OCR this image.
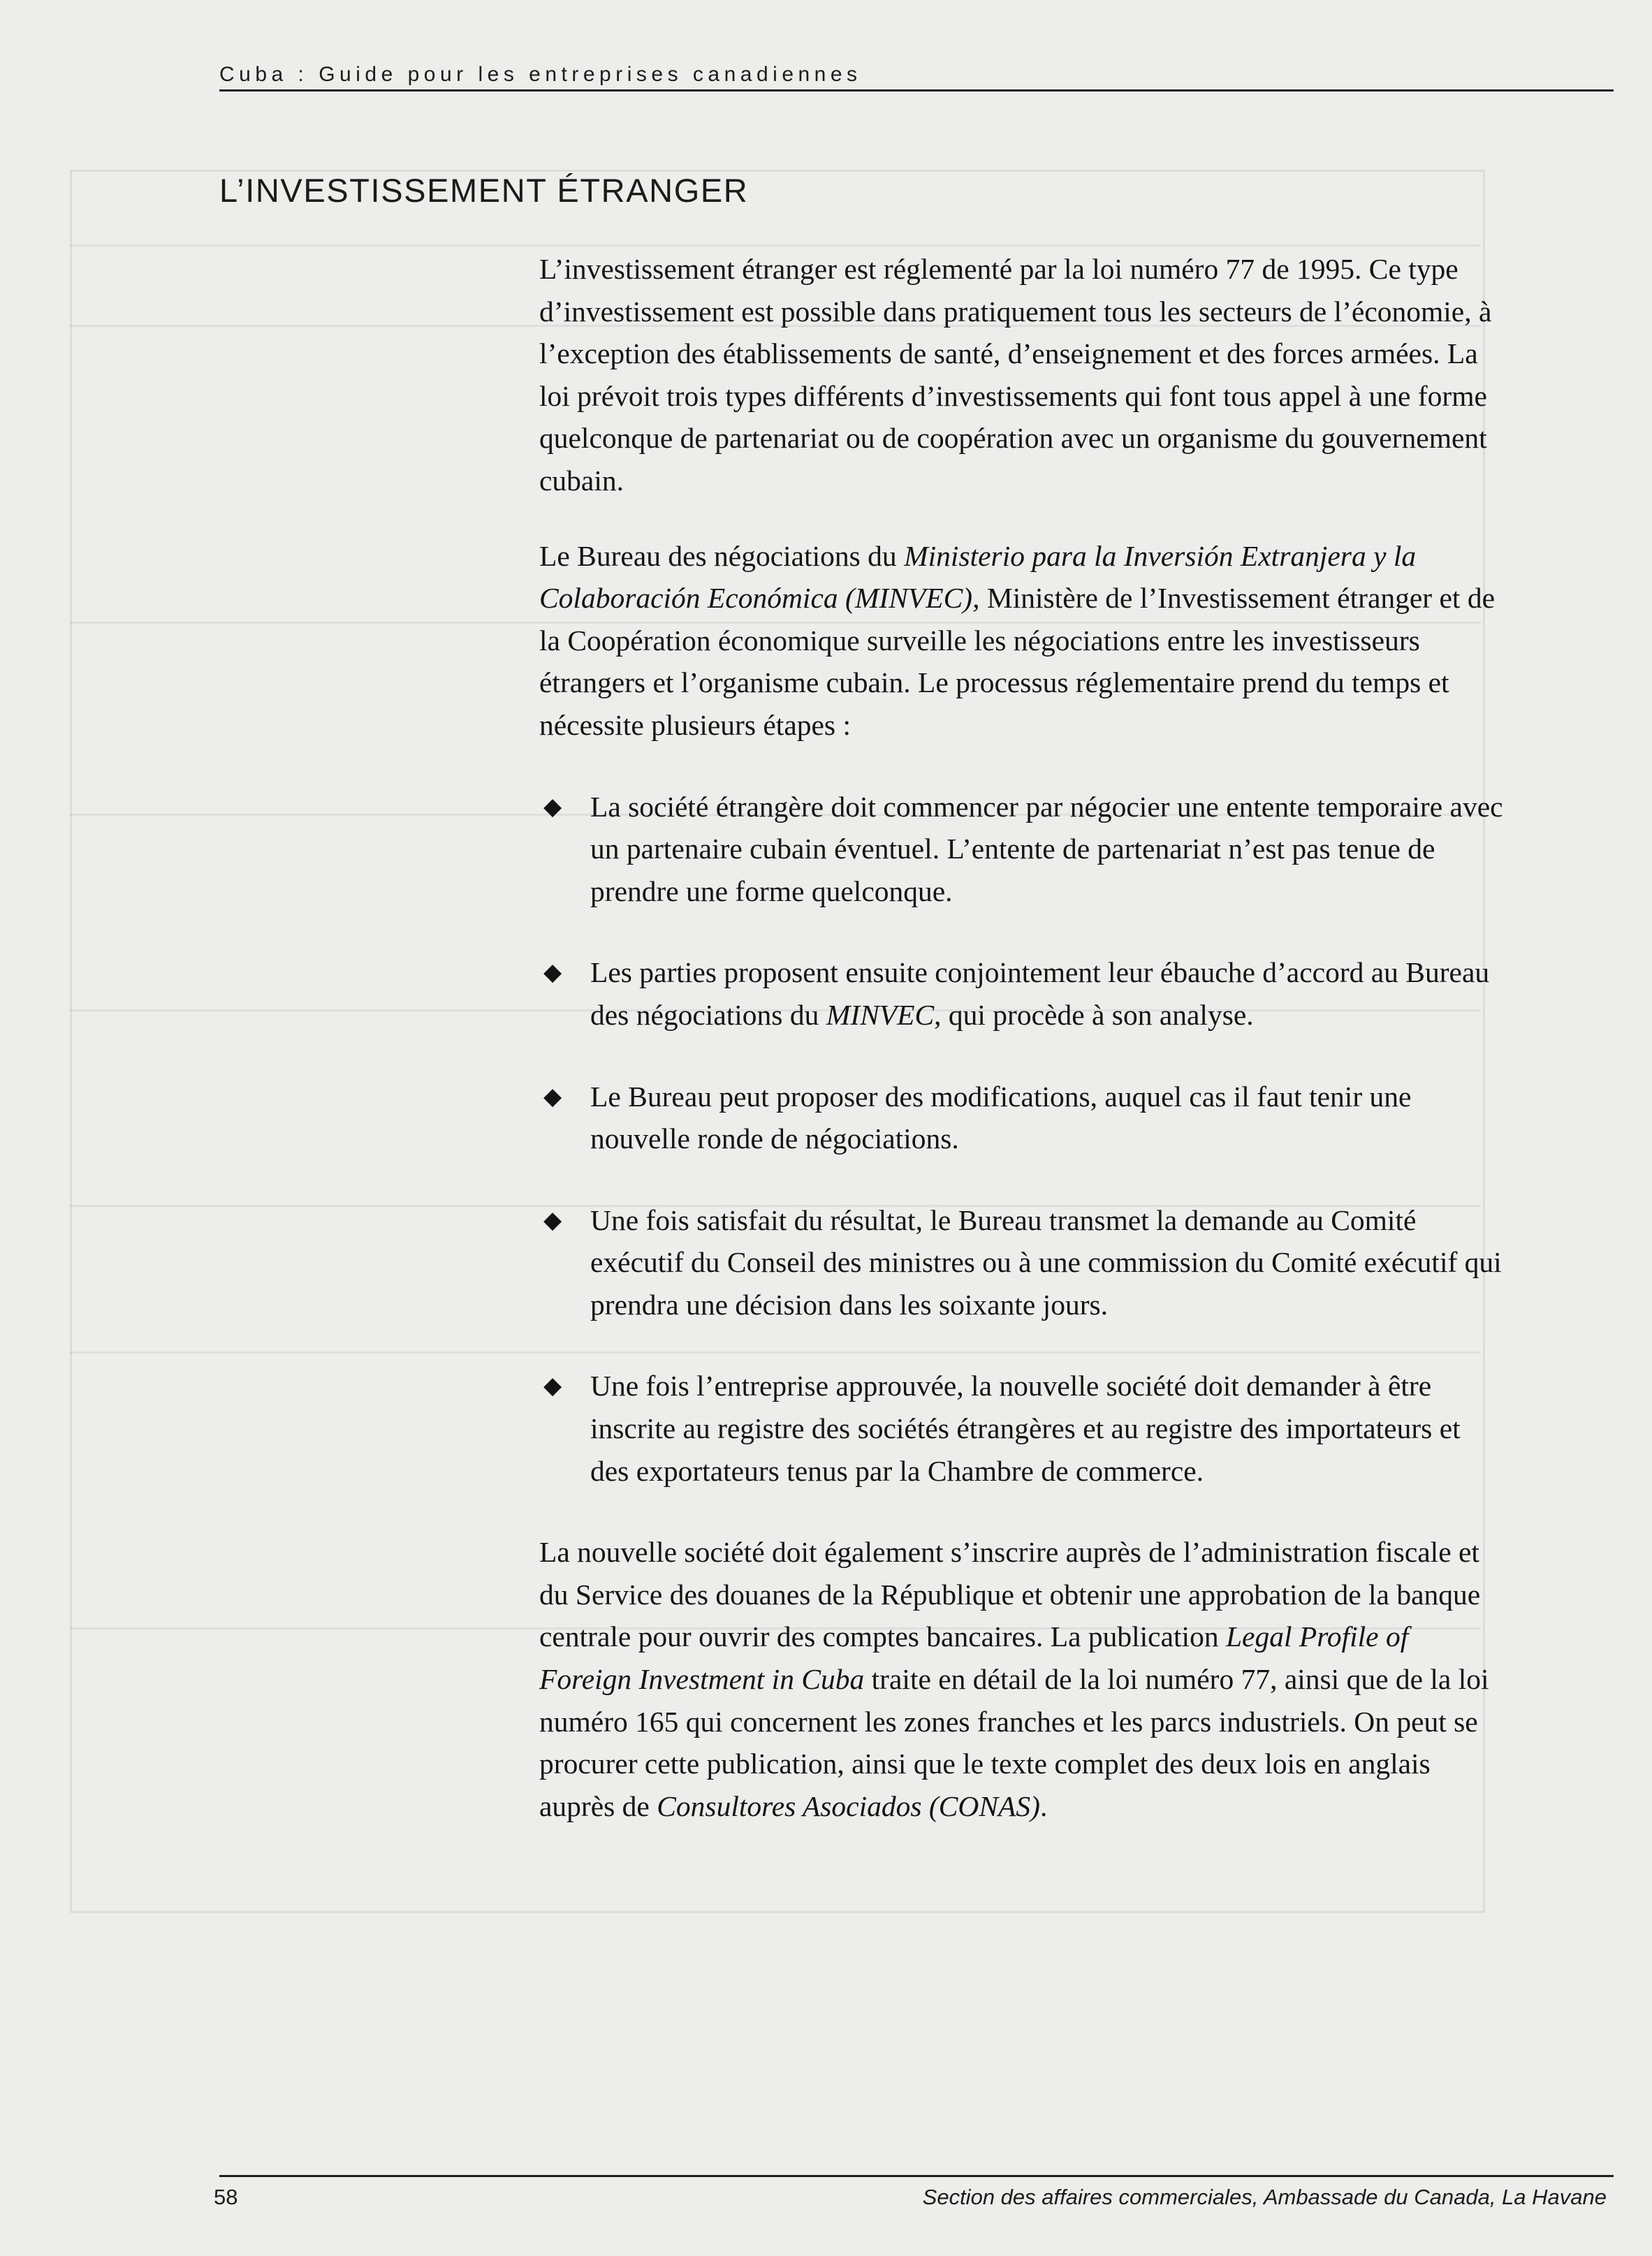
Cuba : Guide pour les entreprises canadiennes
L’INVESTISSEMENT ÉTRANGER

L’investissement étranger est réglementé par la loi numéro 77 de 1995. Ce type d’investissement est possible dans pratiquement tous les secteurs de l’économie, à l’exception des établissements de santé, d’enseignement et des forces armées. La loi prévoit trois types différents d’investissements qui font tous appel à une forme quelconque de partenariat ou de coopération avec un organisme du gouvernement cubain.

Le Bureau des négociations du Ministerio para la Inversión Extranjera y la Colaboración Económica (MINVEC), Ministère de l’Investissement étranger et de la Coopération économique surveille les négociations entre les investisseurs étrangers et l’organisme cubain. Le processus réglementaire prend du temps et nécessite plusieurs étapes :

◆ La société étrangère doit commencer par négocier une entente temporaire avec un partenaire cubain éventuel. L’entente de partenariat n’est pas tenue de prendre une forme quelconque.
◆ Les parties proposent ensuite conjointement leur ébauche d’accord au Bureau des négociations du MINVEC, qui procède à son analyse.
◆ Le Bureau peut proposer des modifications, auquel cas il faut tenir une nouvelle ronde de négociations.
◆ Une fois satisfait du résultat, le Bureau transmet la demande au Comité exécutif du Conseil des ministres ou à une commission du Comité exécutif qui prendra une décision dans les soixante jours.
◆ Une fois l’entreprise approuvée, la nouvelle société doit demander à être inscrite au registre des sociétés étrangères et au registre des importateurs et des exportateurs tenus par la Chambre de commerce.

La nouvelle société doit également s’inscrire auprès de l’administration fiscale et du Service des douanes de la République et obtenir une approbation de la banque centrale pour ouvrir des comptes bancaires. La publication Legal Profile of Foreign Investment in Cuba traite en détail de la loi numéro 77, ainsi que de la loi numéro 165 qui concernent les zones franches et les parcs industriels. On peut se procurer cette publication, ainsi que le texte complet des deux lois en anglais auprès de Consultores Asociados (CONAS).

58	Section des affaires commerciales, Ambassade du Canada, La Havane
